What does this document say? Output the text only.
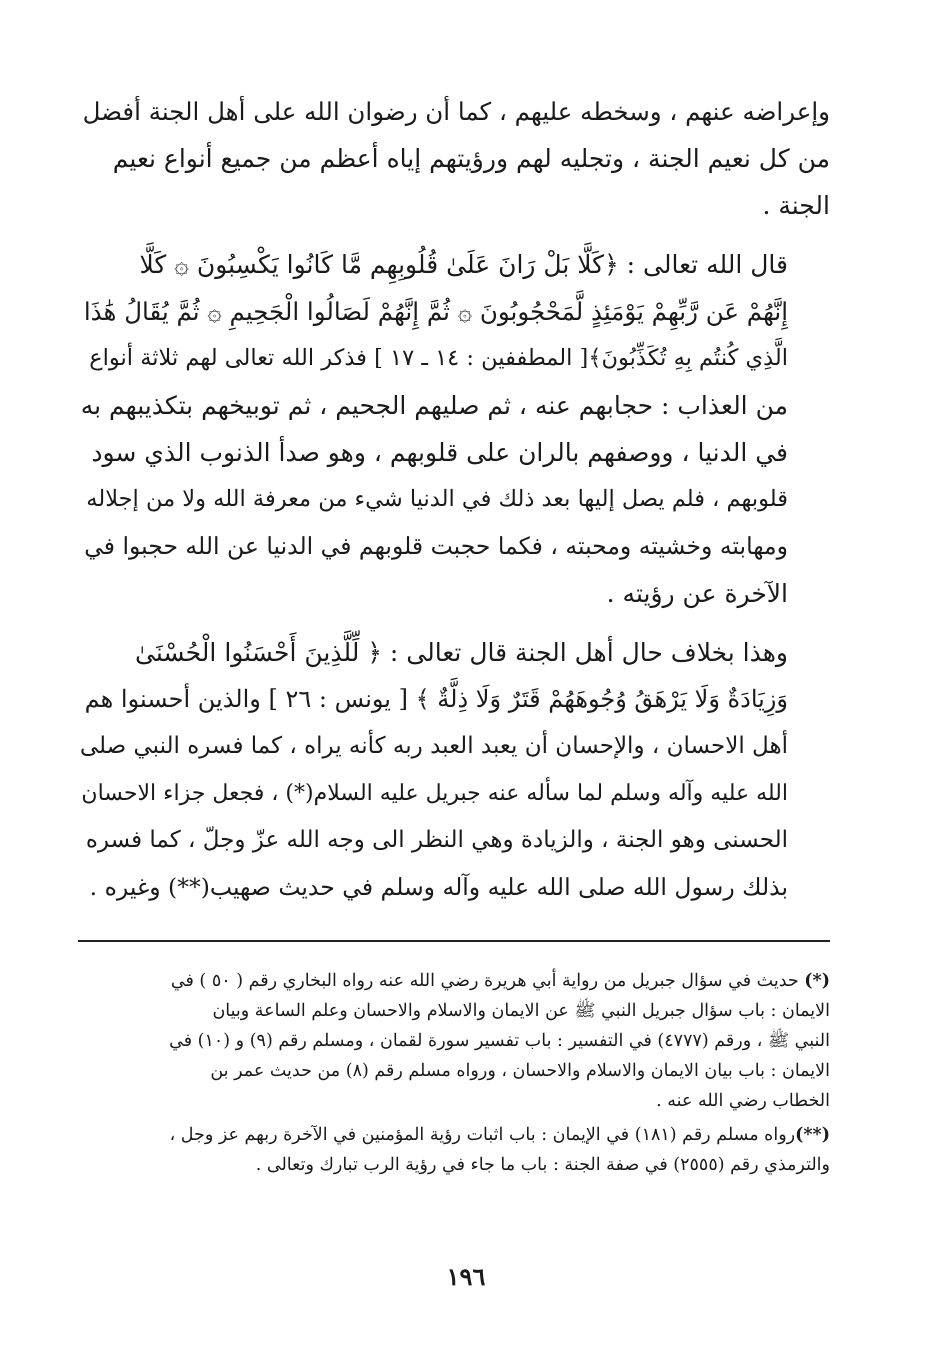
وإعراضه عنهم ، وسخطه عليهم ، كما أن رضوان الله على أهل الجنة أفضل
من كل نعيم الجنة ، وتجليه لهم ورؤيتهم إياه أعظم من جميع أنواع نعيم
الجنة .

قال الله تعالى : ﴿كَلَّا بَلْ رَانَ عَلَىٰ قُلُوبِهِم مَّا كَانُوا يَكْسِبُونَ ۞ كَلَّا
إِنَّهُمْ عَن رَّبِّهِمْ يَوْمَئِذٍ لَّمَحْجُوبُونَ ۞ ثُمَّ إِنَّهُمْ لَصَالُوا الْجَحِيمِ ۞ ثُمَّ يُقَالُ هَٰذَا
الَّذِي كُنتُم بِهِ تُكَذِّبُونَ﴾[ المطففين : ١٤ ـ ١٧ ] فذكر الله تعالى لهم ثلاثة أنواع
من العذاب : حجابهم عنه ، ثم صليهم الجحيم ، ثم توبيخهم بتكذيبهم به
في الدنيا ، ووصفهم بالران على قلوبهم ، وهو صدأ الذنوب الذي سود
قلوبهم ، فلم يصل إليها بعد ذلك في الدنيا شيء من معرفة الله ولا من إجلاله
ومهابته وخشيته ومحبته ، فكما حجبت قلوبهم في الدنيا عن الله حجبوا في
الآخرة عن رؤيته .

وهذا بخلاف حال أهل الجنة قال تعالى : ﴿ لِّلَّذِينَ أَحْسَنُوا الْحُسْنَىٰ
وَزِيَادَةٌ وَلَا يَرْهَقُ وُجُوهَهُمْ قَتَرٌ وَلَا ذِلَّةٌ ﴾ [ يونس : ٢٦ ] والذين أحسنوا هم
أهل الاحسان ، والإحسان أن يعبد العبد ربه كأنه يراه ، كما فسره النبي صلى
الله عليه وآله وسلم لما سأله عنه جبريل عليه السلام(*) ، فجعل جزاء الاحسان
الحسنى وهو الجنة ، والزيادة وهي النظر الى وجه الله عزّ وجلّ ، كما فسره
بذلك رسول الله صلى الله عليه وآله وسلم في حديث صهيب(**) وغيره .

(*) حديث في سؤال جبريل من رواية أبي هريرة رضي الله عنه رواه البخاري رقم ( ٥٠ ) في
الايمان : باب سؤال جبريل النبي ﷺ عن الايمان والاسلام والاحسان وعلم الساعة وبيان
النبي ﷺ ، ورقم (٤٧٧٧) في التفسير : باب تفسير سورة لقمان ، ومسلم رقم (٩) و (١٠) في
الايمان : باب بيان الايمان والاسلام والاحسان ، ورواه مسلم رقم (٨) من حديث عمر بن
الخطاب رضي الله عنه .

(**)رواه مسلم رقم (١٨١) في الإيمان : باب اثبات رؤية المؤمنين في الآخرة ربهم عز وجل ،
والترمذي رقم (٢٥٥٥) في صفة الجنة : باب ما جاء في رؤية الرب تبارك وتعالى .

١٩٦
